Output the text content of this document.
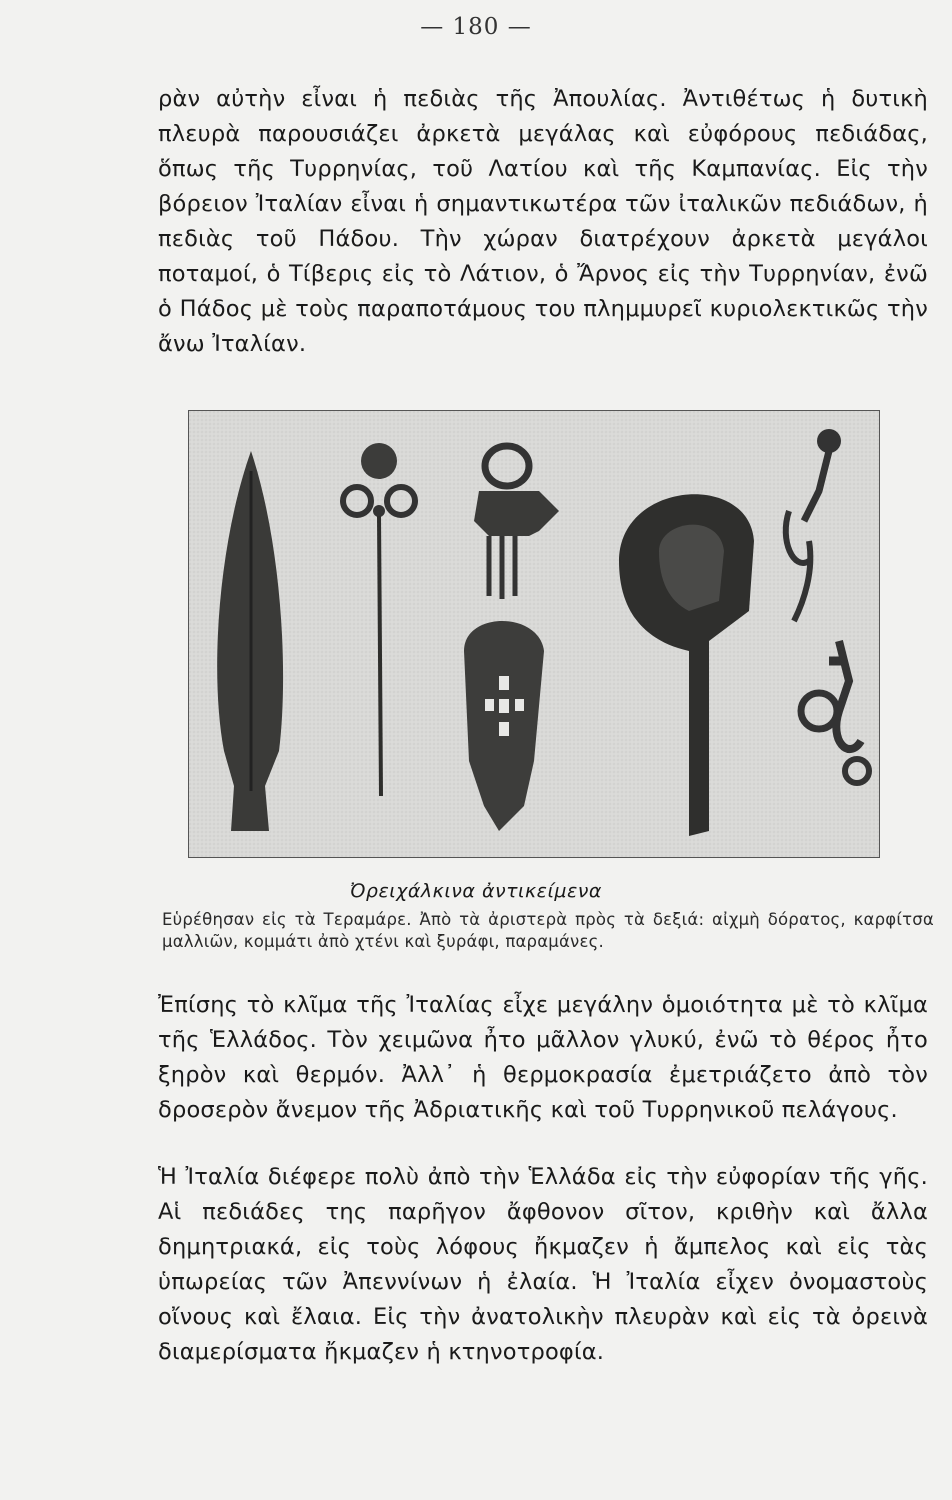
— 180 —
ρὰν αὐτὴν εἶναι ἡ πεδιὰς τῆς Ἀπουλίας. Ἀντιθέτως ἡ δυτικὴ πλευρὰ παρουσιάζει ἀρκετὰ μεγάλας καὶ εὐφόρους πεδιάδας, ὅπως τῆς Τυρρηνίας, τοῦ Λατίου καὶ τῆς Καμπανίας. Εἰς τὴν βόρειον Ἰταλίαν εἶναι ἡ σημαντικωτέρα τῶν ἰταλικῶν πεδιάδων, ἡ πεδιὰς τοῦ Πάδου. Τὴν χώραν διατρέχουν ἀρκετὰ μεγάλοι ποταμοί, ὁ Τίβερις εἰς τὸ Λάτιον, ὁ Ἄρνος εἰς τὴν Τυρρηνίαν, ἐνῶ ὁ Πάδος μὲ τοὺς παραποτάμους του πλημμυρεῖ κυριολεκτικῶς τὴν ἄνω Ἰταλίαν.
Ὀρειχάλκινα ἀντικείμενα
Εὑρέθησαν εἰς τὰ Τεραμάρε. Ἀπὸ τὰ ἀριστερὰ πρὸς τὰ δεξιά: αἰχμὴ δόρατος, καρφίτσα μαλλιῶν, κομμάτι ἀπὸ χτένι καὶ ξυράφι, παραμάνες.
Ἐπίσης τὸ κλῖμα τῆς Ἰταλίας εἶχε μεγάλην ὁμοιότητα μὲ τὸ κλῖμα τῆς Ἑλλάδος. Τὸν χειμῶνα ἦτο μᾶλλον γλυκύ, ἐνῶ τὸ θέρος ἦτο ξηρὸν καὶ θερμόν. Ἀλλ᾽ ἡ θερμοκρασία ἐμετριάζετο ἀπὸ τὸν δροσερὸν ἄνεμον τῆς Ἀδριατικῆς καὶ τοῦ Τυρρηνικοῦ πελάγους.
Ἡ Ἰταλία διέφερε πολὺ ἀπὸ τὴν Ἑλλάδα εἰς τὴν εὐφορίαν τῆς γῆς. Αἱ πεδιάδες της παρῆγον ἄφθονον σῖτον, κριθὴν καὶ ἄλλα δημητριακά, εἰς τοὺς λόφους ἤκμαζεν ἡ ἄμπελος καὶ εἰς τὰς ὑπωρείας τῶν Ἀπεννίνων ἡ ἐλαία. Ἡ Ἰταλία εἶχεν ὀνομαστοὺς οἴνους καὶ ἔλαια. Εἰς τὴν ἀνατολικὴν πλευρὰν καὶ εἰς τὰ ὀρεινὰ διαμερίσματα ἤκμαζεν ἡ κτηνοτροφία.
